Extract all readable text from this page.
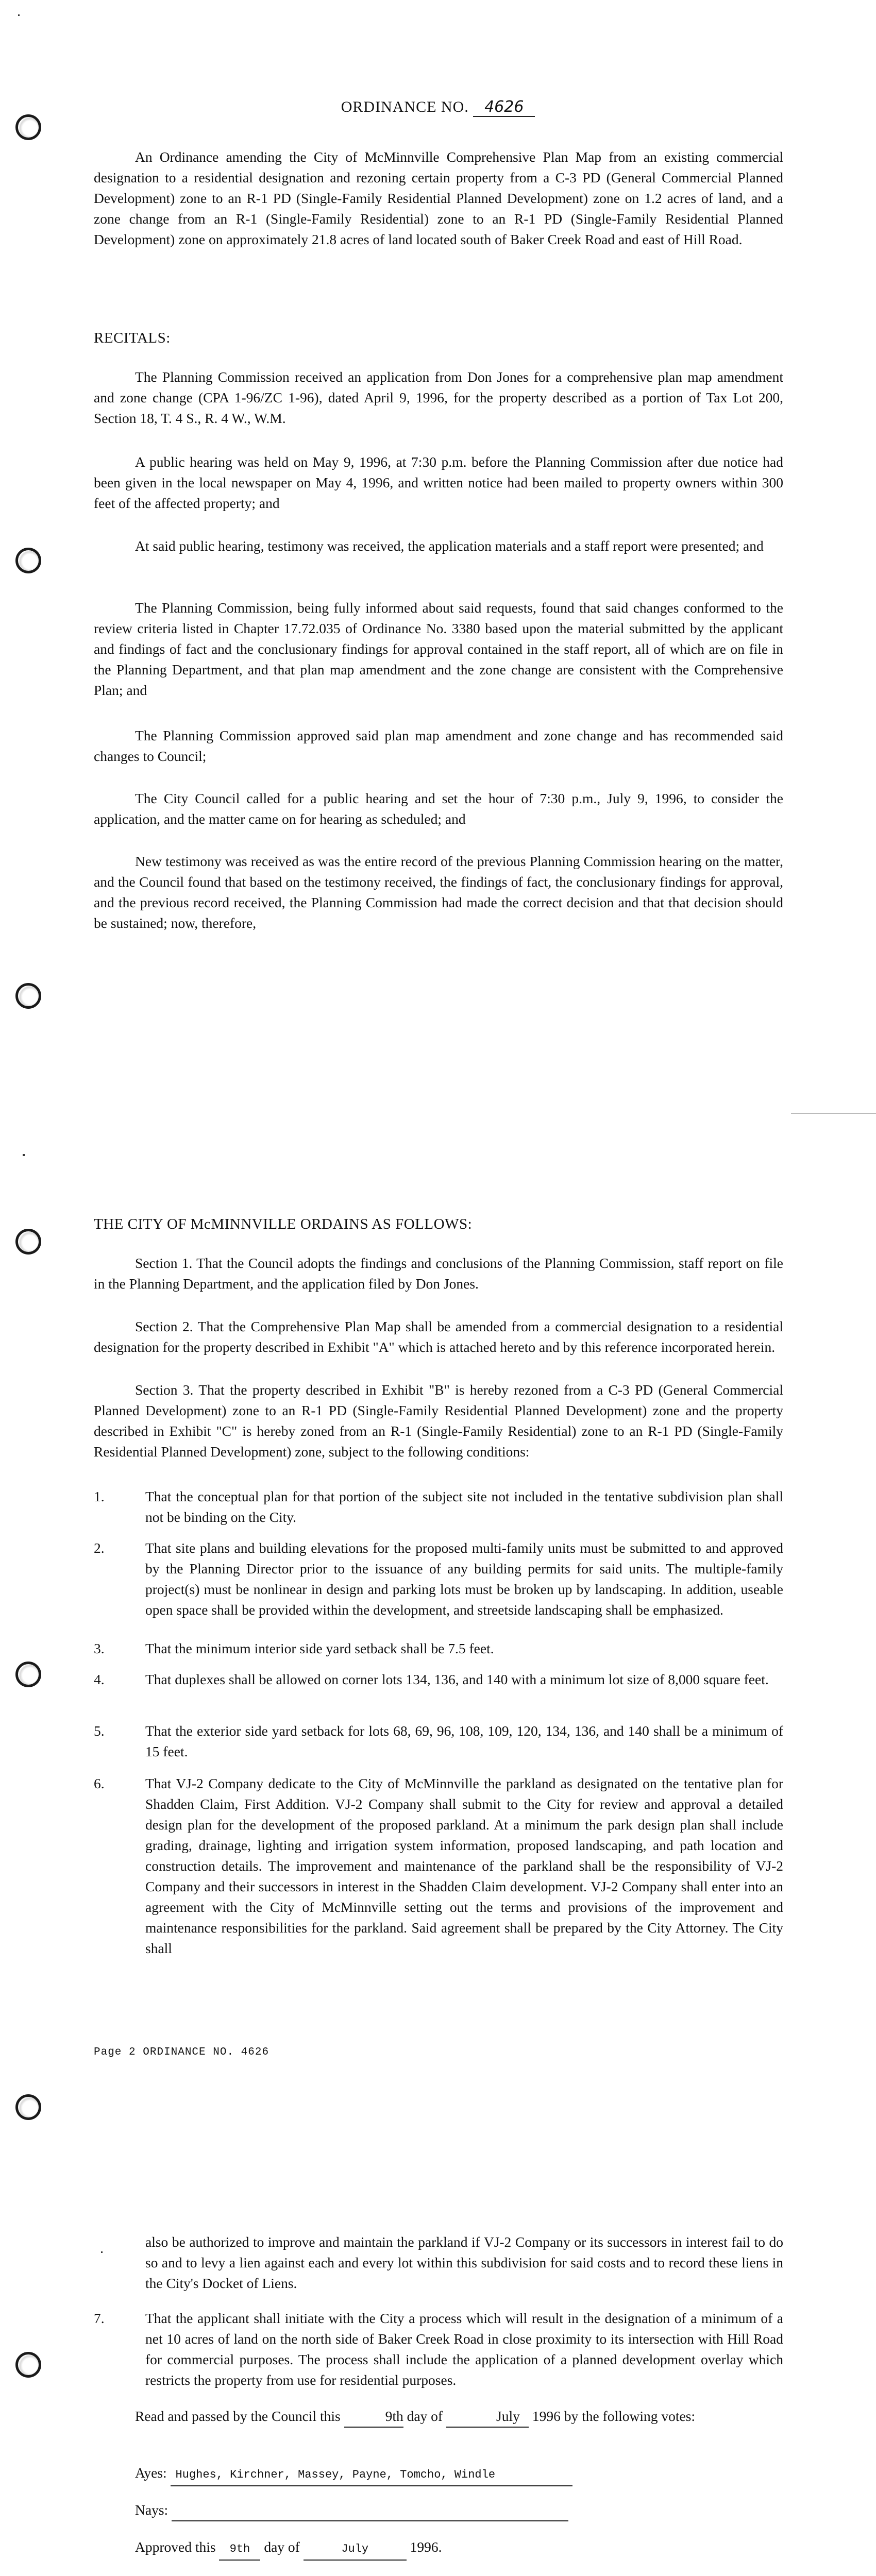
ORDINANCE NO. 4626
An Ordinance amending the City of McMinnville Comprehensive Plan Map from an existing commercial designation to a residential designation and rezoning certain property from a C-3 PD (General Commercial Planned Development) zone to an R-1 PD (Single-Family Residential Planned Development) zone on 1.2 acres of land, and a zone change from an R-1 (Single-Family Residential) zone to an R-1 PD (Single-Family Residential Planned Development) zone on approximately 21.8 acres of land located south of Baker Creek Road and east of Hill Road.
RECITALS:
The Planning Commission received an application from Don Jones for a comprehensive plan map amendment and zone change (CPA 1-96/ZC 1-96), dated April 9, 1996, for the property described as a portion of Tax Lot 200, Section 18, T. 4 S., R. 4 W., W.M.
A public hearing was held on May 9, 1996, at 7:30 p.m. before the Planning Commission after due notice had been given in the local newspaper on May 4, 1996, and written notice had been mailed to property owners within 300 feet of the affected property; and
At said public hearing, testimony was received, the application materials and a staff report were presented; and
The Planning Commission, being fully informed about said requests, found that said changes conformed to the review criteria listed in Chapter 17.72.035 of Ordinance No. 3380 based upon the material submitted by the applicant and findings of fact and the conclusionary findings for approval contained in the staff report, all of which are on file in the Planning Department, and that plan map amendment and the zone change are consistent with the Comprehensive Plan; and
The Planning Commission approved said plan map amendment and zone change and has recommended said changes to Council;
The City Council called for a public hearing and set the hour of 7:30 p.m., July 9, 1996, to consider the application, and the matter came on for hearing as scheduled; and
New testimony was received as was the entire record of the previous Planning Commission hearing on the matter, and the Council found that based on the testimony received, the findings of fact, the conclusionary findings for approval, and the previous record received, the Planning Commission had made the correct decision and that that decision should be sustained; now, therefore,
THE CITY OF McMINNVILLE ORDAINS AS FOLLOWS:
Section 1. That the Council adopts the findings and conclusions of the Planning Commission, staff report on file in the Planning Department, and the application filed by Don Jones.
Section 2. That the Comprehensive Plan Map shall be amended from a commercial designation to a residential designation for the property described in Exhibit "A" which is attached hereto and by this reference incorporated herein.
Section 3. That the property described in Exhibit "B" is hereby rezoned from a C-3 PD (General Commercial Planned Development) zone to an R-1 PD (Single-Family Residential Planned Development) zone and the property described in Exhibit "C" is hereby zoned from an R-1 (Single-Family Residential) zone to an R-1 PD (Single-Family Residential Planned Development) zone, subject to the following conditions:
1.	That the conceptual plan for that portion of the subject site not included in the tentative subdivision plan shall not be binding on the City.
2.	That site plans and building elevations for the proposed multi-family units must be submitted to and approved by the Planning Director prior to the issuance of any building permits for said units. The multiple-family project(s) must be nonlinear in design and parking lots must be broken up by landscaping. In addition, useable open space shall be provided within the development, and streetside landscaping shall be emphasized.
3.	That the minimum interior side yard setback shall be 7.5 feet.
4.	That duplexes shall be allowed on corner lots 134, 136, and 140 with a minimum lot size of 8,000 square feet.
5.	That the exterior side yard setback for lots 68, 69, 96, 108, 109, 120, 134, 136, and 140 shall be a minimum of 15 feet.
6.	That VJ-2 Company dedicate to the City of McMinnville the parkland as designated on the tentative plan for Shadden Claim, First Addition. VJ-2 Company shall submit to the City for review and approval a detailed design plan for the development of the proposed parkland. At a minimum the park design plan shall include grading, drainage, lighting and irrigation system information, proposed landscaping, and path location and construction details. The improvement and maintenance of the parkland shall be the responsibility of VJ-2 Company and their successors in interest in the Shadden Claim development. VJ-2 Company shall enter into an agreement with the City of McMinnville setting out the terms and provisions of the improvement and maintenance responsibilities for the parkland. Said agreement shall be prepared by the City Attorney. The City shall
Page 2 ORDINANCE NO. 4626
also be authorized to improve and maintain the parkland if VJ-2 Company or its successors in interest fail to do so and to levy a lien against each and every lot within this subdivision for said costs and to record these liens in the City's Docket of Liens.
7.	That the applicant shall initiate with the City a process which will result in the designation of a minimum of a net 10 acres of land on the north side of Baker Creek Road in close proximity to its intersection with Hill Road for commercial purposes. The process shall include the application of a planned development overlay which restricts the property from use for residential purposes.
Read and passed by the Council this	9th day of	July 1996 by the following votes:
Ayes: Hughes, Kirchner, Massey, Payne, Tomcho, Windle
Nays:
Approved this 9th day of	July	1996.
